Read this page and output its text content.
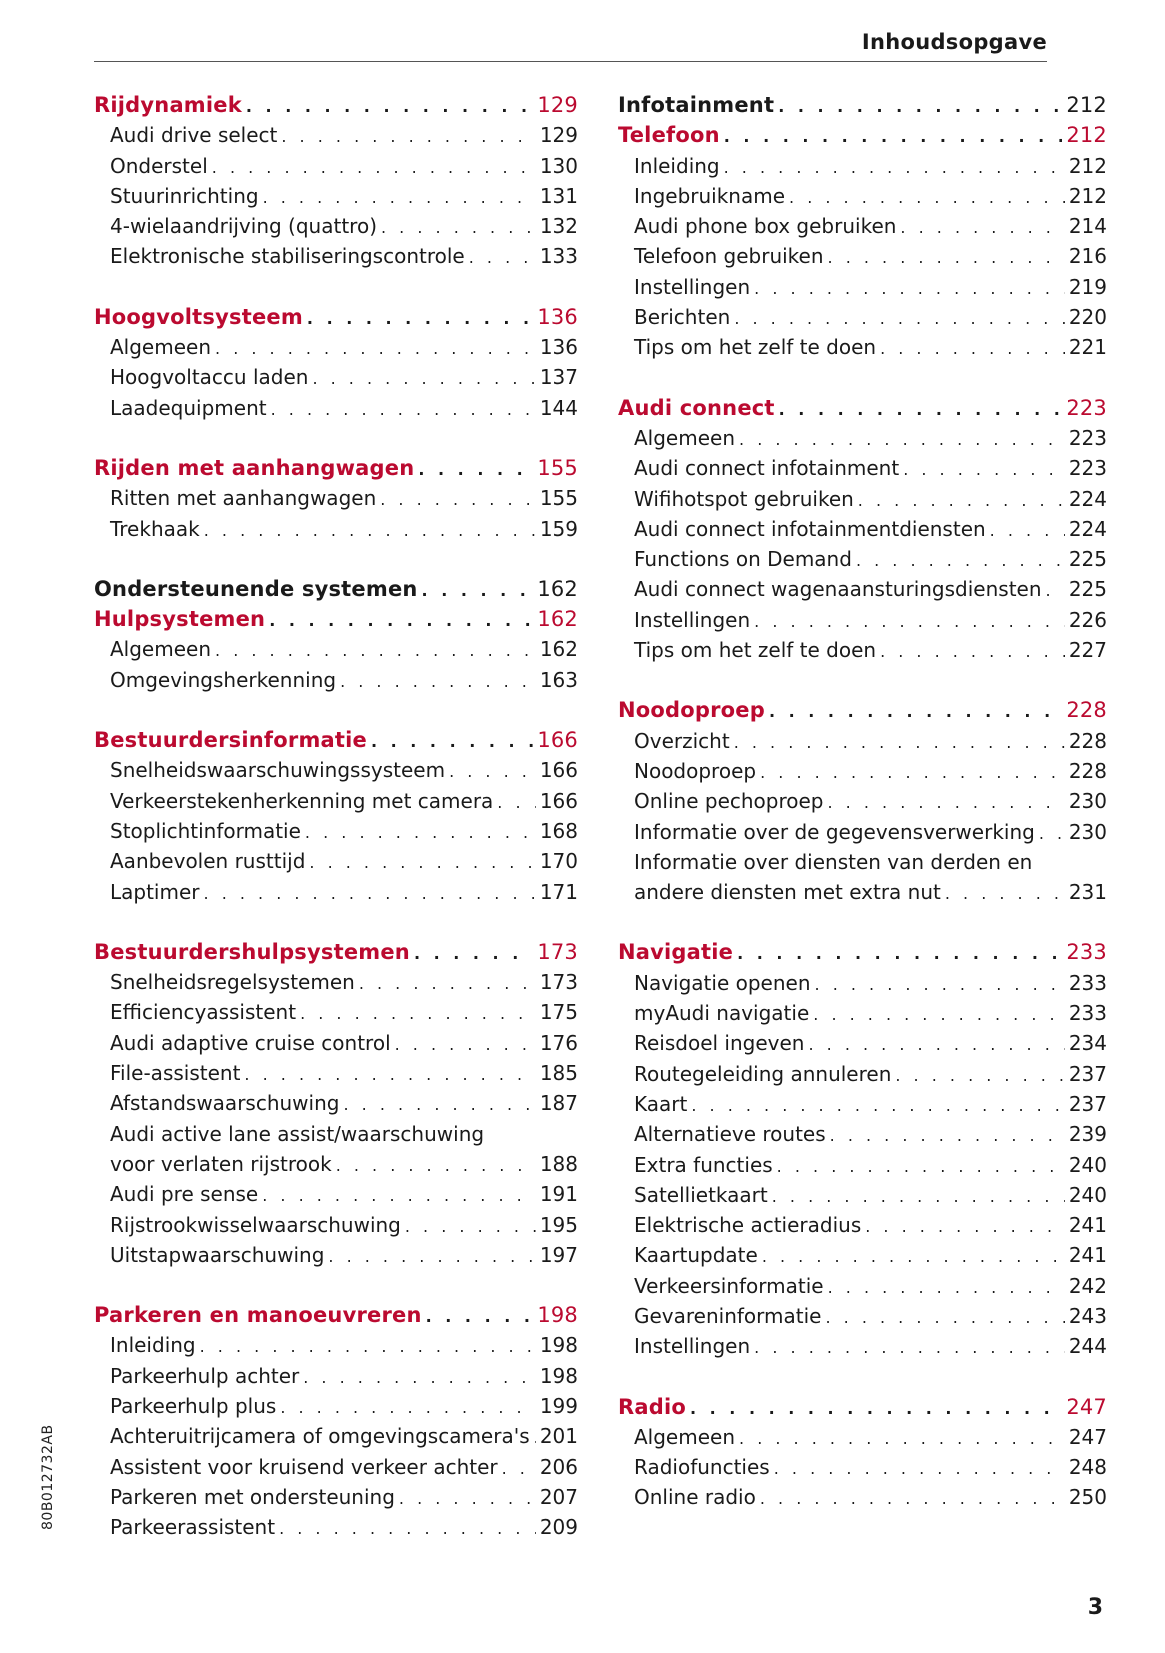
Inhoudsopgave
Rijdynamiek . . .	129
Audi drive select . . .	129
Onderstel . . .	130
Stuurinrichting . . .	131
4-wielaandrijving (quattro) . . .	132
Elektronische stabiliseringscontrole . . .	133
Hoogvoltsysteem . . .	136
Algemeen . . .	136
Hoogvoltaccu laden . . .	137
Laadequipment . . .	144
Rijden met aanhangwagen . . .	155
Ritten met aanhangwagen . . .	155
Trekhaak . . .	159
Ondersteunende systemen . . .	162
Hulpsystemen . . .	162
Algemeen . . .	162
Omgevingsherkenning . . .	163
Bestuurdersinformatie . . .	166
Snelheidswaarschuwingssysteem . . .	166
Verkeerstekenherkenning met camera . . . 166
Stoplichtinformatie . . .	168
Aanbevolen rusttijd . . .	170
Laptimer . . .	171
Bestuurdershulpsystemen . . .	173
Snelheidsregelsystemen . . .	173
Efficiencyassistent . . .	175
Audi adaptive cruise control . . .	176
File-assistent . . .	185
Afstandswaarschuwing . . .	187
Audi active lane assist/waarschuwing
voor verlaten rijstrook . . .	188
Audi pre sense . . .	191
Rijstrookwisselwaarschuwing . . .	195
Uitstapwaarschuwing . . .	197
Parkeren en manoeuvreren . . .	198
Inleiding . . .	198
Parkeerhulp achter . . .	198
Parkeerhulp plus . . .	199
Achteruitrijcamera of omgevingscamera's . . . 201
Assistent voor kruisend verkeer achter . . . 206
Parkeren met ondersteuning . . .	207
Parkeerassistent . . .	209
Infotainment . . .	212
Telefoon . . .	212
Inleiding . . .	212
Ingebruikname . . .	212
Audi phone box gebruiken . . .	214
Telefoon gebruiken . . .	216
Instellingen . . .	219
Berichten . . .	220
Tips om het zelf te doen . . .	221
Audi connect . . .	223
Algemeen . . .	223
Audi connect infotainment . . .	223
Wifihotspot gebruiken . . .	224
Audi connect infotainmentdiensten . . .	224
Functions on Demand . . .	225
Audi connect wagenaansturingsdiensten . . . 225
Instellingen . . .	226
Tips om het zelf te doen . . .	227
Noodoproep . . .	228
Overzicht . . .	228
Noodoproep . . .	228
Online pechoproep . . .	230
Informatie over de gegevensverwerking . . . 230
Informatie over diensten van derden en
andere diensten met extra nut . . .	231
Navigatie . . .	233
Navigatie openen . . .	233
myAudi navigatie . . .	233
Reisdoel ingeven . . .	234
Routegeleiding annuleren . . .	237
Kaart . . .	237
Alternatieve routes . . .	239
Extra functies . . .	240
Satellietkaart . . .	240
Elektrische actieradius . . .	241
Kaartupdate . . .	241
Verkeersinformatie . . .	242
Gevareninformatie . . .	243
Instellingen . . .	244
Radio . . .	247
Algemeen . . .	247
Radiofuncties . . .	248
Online radio . . .	250
80B012732AB
3
